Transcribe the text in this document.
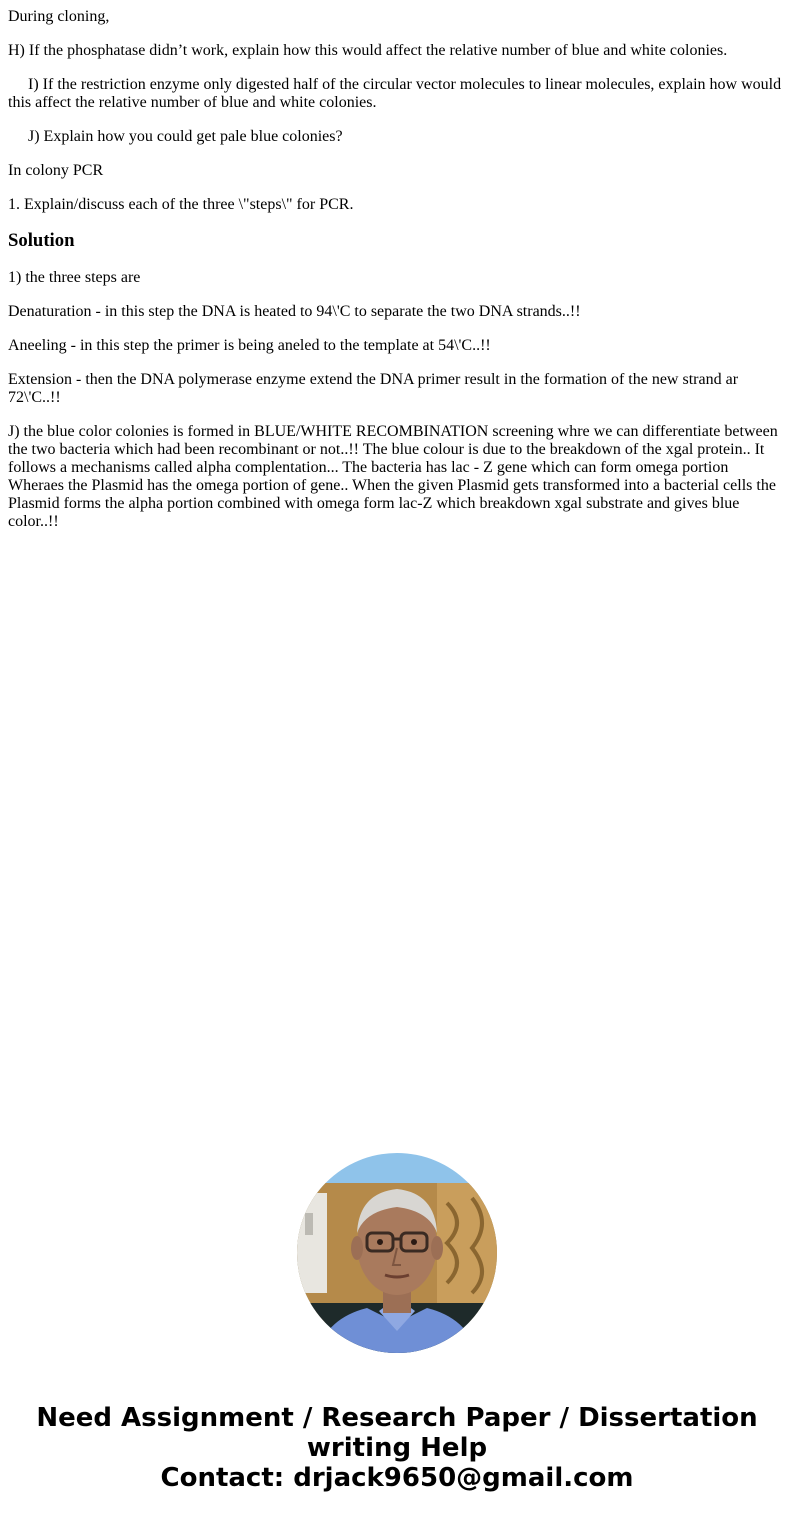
During cloning,

H) If the phosphatase didn’t work, explain how this would affect the relative number of blue and white colonies.

I) If the restriction enzyme only digested half of the circular vector molecules to linear molecules, explain how would this affect the relative number of blue and white colonies.

J) Explain how you could get pale blue colonies?

In colony PCR

1. Explain/discuss each of the three \"steps\" for PCR.

Solution

1) the three steps are

Denaturation - in this step the DNA is heated to 94\'C to separate the two DNA strands..!!

Aneeling - in this step the primer is being aneled to the template at 54\'C..!!

Extension - then the DNA polymerase enzyme extend the DNA primer result in the formation of the new strand ar 72\'C..!!

J) the blue color colonies is formed in BLUE/WHITE RECOMBINATION screening whre we can differentiate between the two bacteria which had been recombinant or not..!! The blue colour is due to the breakdown of the xgal protein.. It follows a mechanisms called alpha complentation... The bacteria has lac - Z gene which can form omega portion Wheraes the Plasmid has the omega portion of gene.. When the given Plasmid gets transformed into a bacterial cells the Plasmid forms the alpha portion combined with omega form lac-Z which breakdown xgal substrate and gives blue color..!!

Need Assignment / Research Paper / Dissertation
writing Help
Contact: drjack9650@gmail.com
